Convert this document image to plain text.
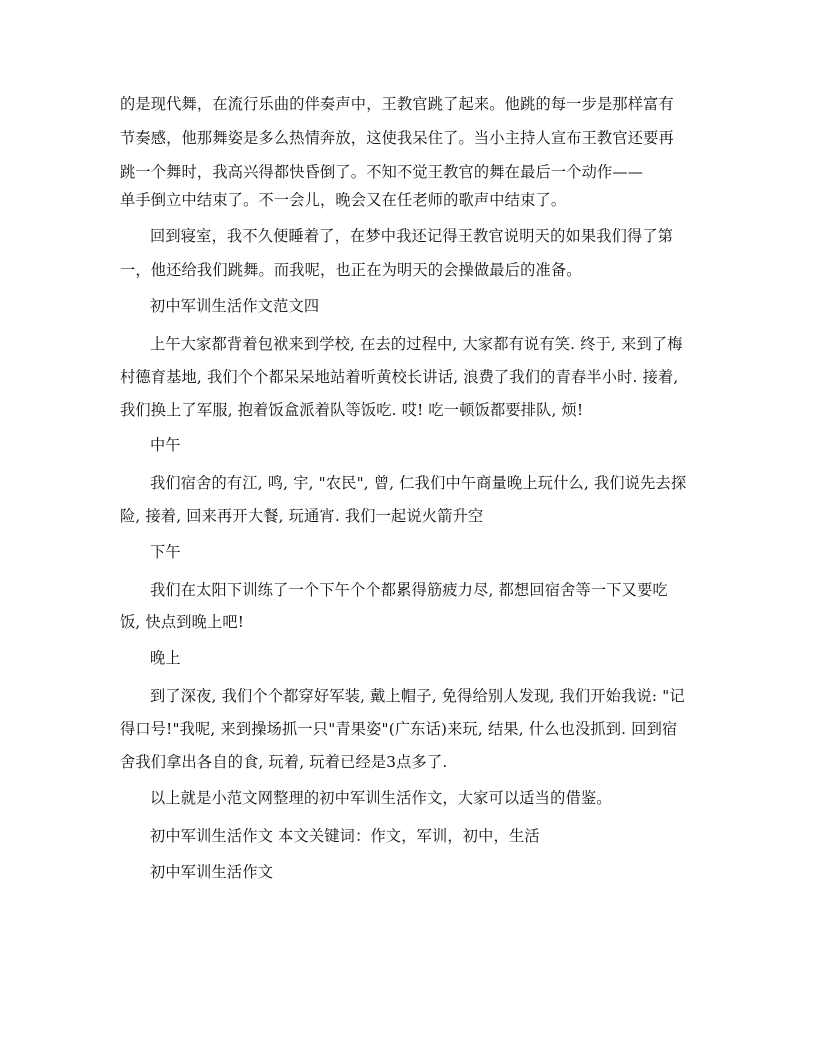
的是现代舞，在流行乐曲的伴奏声中，王教官跳了起来。他跳的每一步是那样富有
节奏感，他那舞姿是多么热情奔放，这使我呆住了。当小主持人宣布王教官还要再
跳一个舞时，我高兴得都快昏倒了。不知不觉王教官的舞在最后一个动作——
单手倒立中结束了。不一会儿，晚会又在任老师的歌声中结束了。
回到寝室，我不久便睡着了，在梦中我还记得王教官说明天的如果我们得了第
一，他还给我们跳舞。而我呢，也正在为明天的会操做最后的准备。
初中军训生活作文范文四
上午大家都背着包袱来到学校, 在去的过程中, 大家都有说有笑. 终于, 来到了梅
村德育基地, 我们个个都呆呆地站着听黄校长讲话, 浪费了我们的青春半小时. 接着,
我们换上了军服, 抱着饭盒派着队等饭吃. 哎! 吃一顿饭都要排队, 烦!
中午
我们宿舍的有江, 鸣, 宇, "农民", 曾, 仁我们中午商量晚上玩什么, 我们说先去探
险, 接着, 回来再开大餐, 玩通宵. 我们一起说火箭升空
下午
我们在太阳下训练了一个下午个个都累得筋疲力尽, 都想回宿舍等一下又要吃
饭, 快点到晚上吧!
晚上
到了深夜, 我们个个都穿好军装, 戴上帽子, 免得给别人发现, 我们开始我说: "记
得口号!"我呢, 来到操场抓一只"青果姿"(广东话)来玩, 结果, 什么也没抓到. 回到宿
舍我们拿出各自的食, 玩着, 玩着已经是3点多了.
以上就是小范文网整理的初中军训生活作文，大家可以适当的借鉴。
初中军训生活作文 本文关键词：作文，军训，初中，生活
初中军训生活作文
